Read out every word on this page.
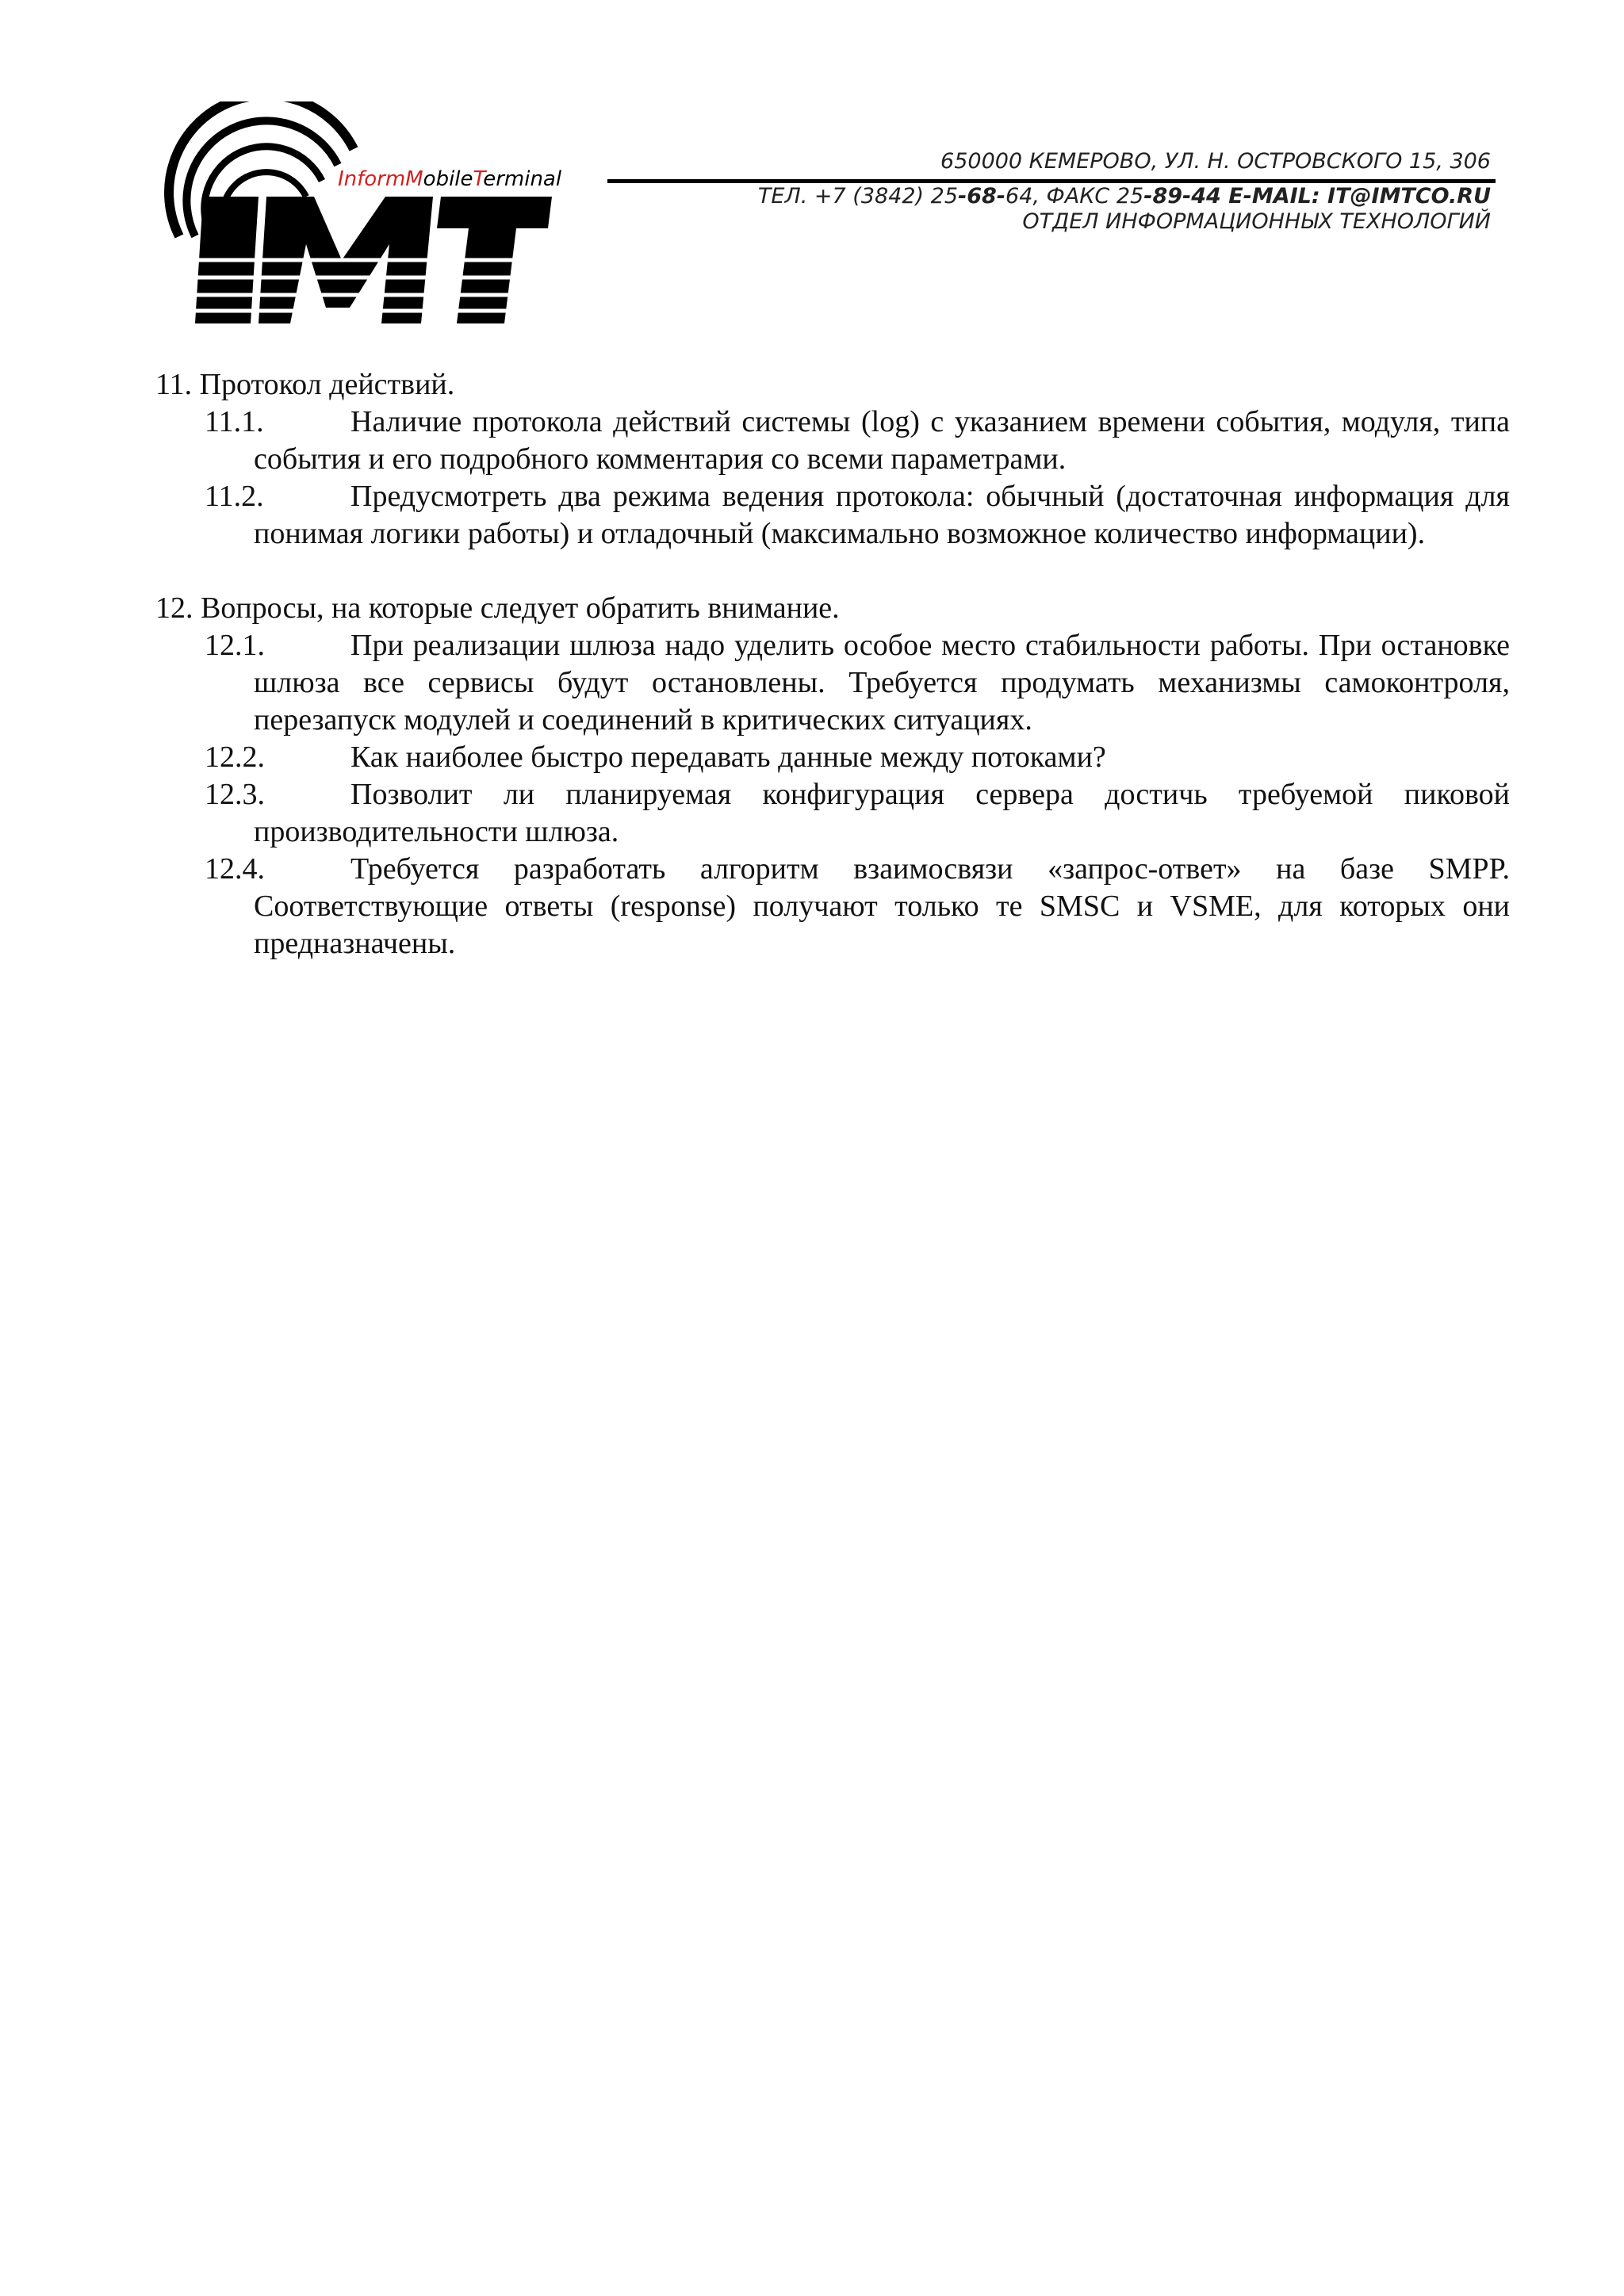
InformMobileTerminal
650000 КЕМЕРОВО, УЛ. Н. ОСТРОВСКОГО 15, 306
ТЕЛ. +7 (3842) 25-68-64, ФАКС 25-89-44 E-MAIL: IT@IMTCO.RU
ОТДЕЛ ИНФОРМАЦИОННЫХ ТЕХНОЛОГИЙ

11. Протокол действий.

11.1.	Наличие протокола действий системы (log) с указанием времени события, модуля, типа события и его подробного комментария со всеми параметрами.
11.2.	Предусмотреть два режима ведения протокола: обычный (достаточная информация для понимая логики работы) и отладочный (максимально возможное количество информации).

12. Вопросы, на которые следует обратить внимание.

12.1.	При реализации шлюза надо уделить особое место стабильности работы. При остановке шлюза все сервисы будут остановлены. Требуется продумать механизмы самоконтроля, перезапуск модулей и соединений в критических ситуациях.
12.2.	Как наиболее быстро передавать данные между потоками?
12.3.	Позволит ли планируемая конфигурация сервера достичь требуемой пиковой производительности шлюза.
12.4.	Требуется разработать алгоритм взаимосвязи «запрос-ответ» на базе SMPP. Соответствующие ответы (response) получают только те SMSC и VSME, для которых они предназначены.
